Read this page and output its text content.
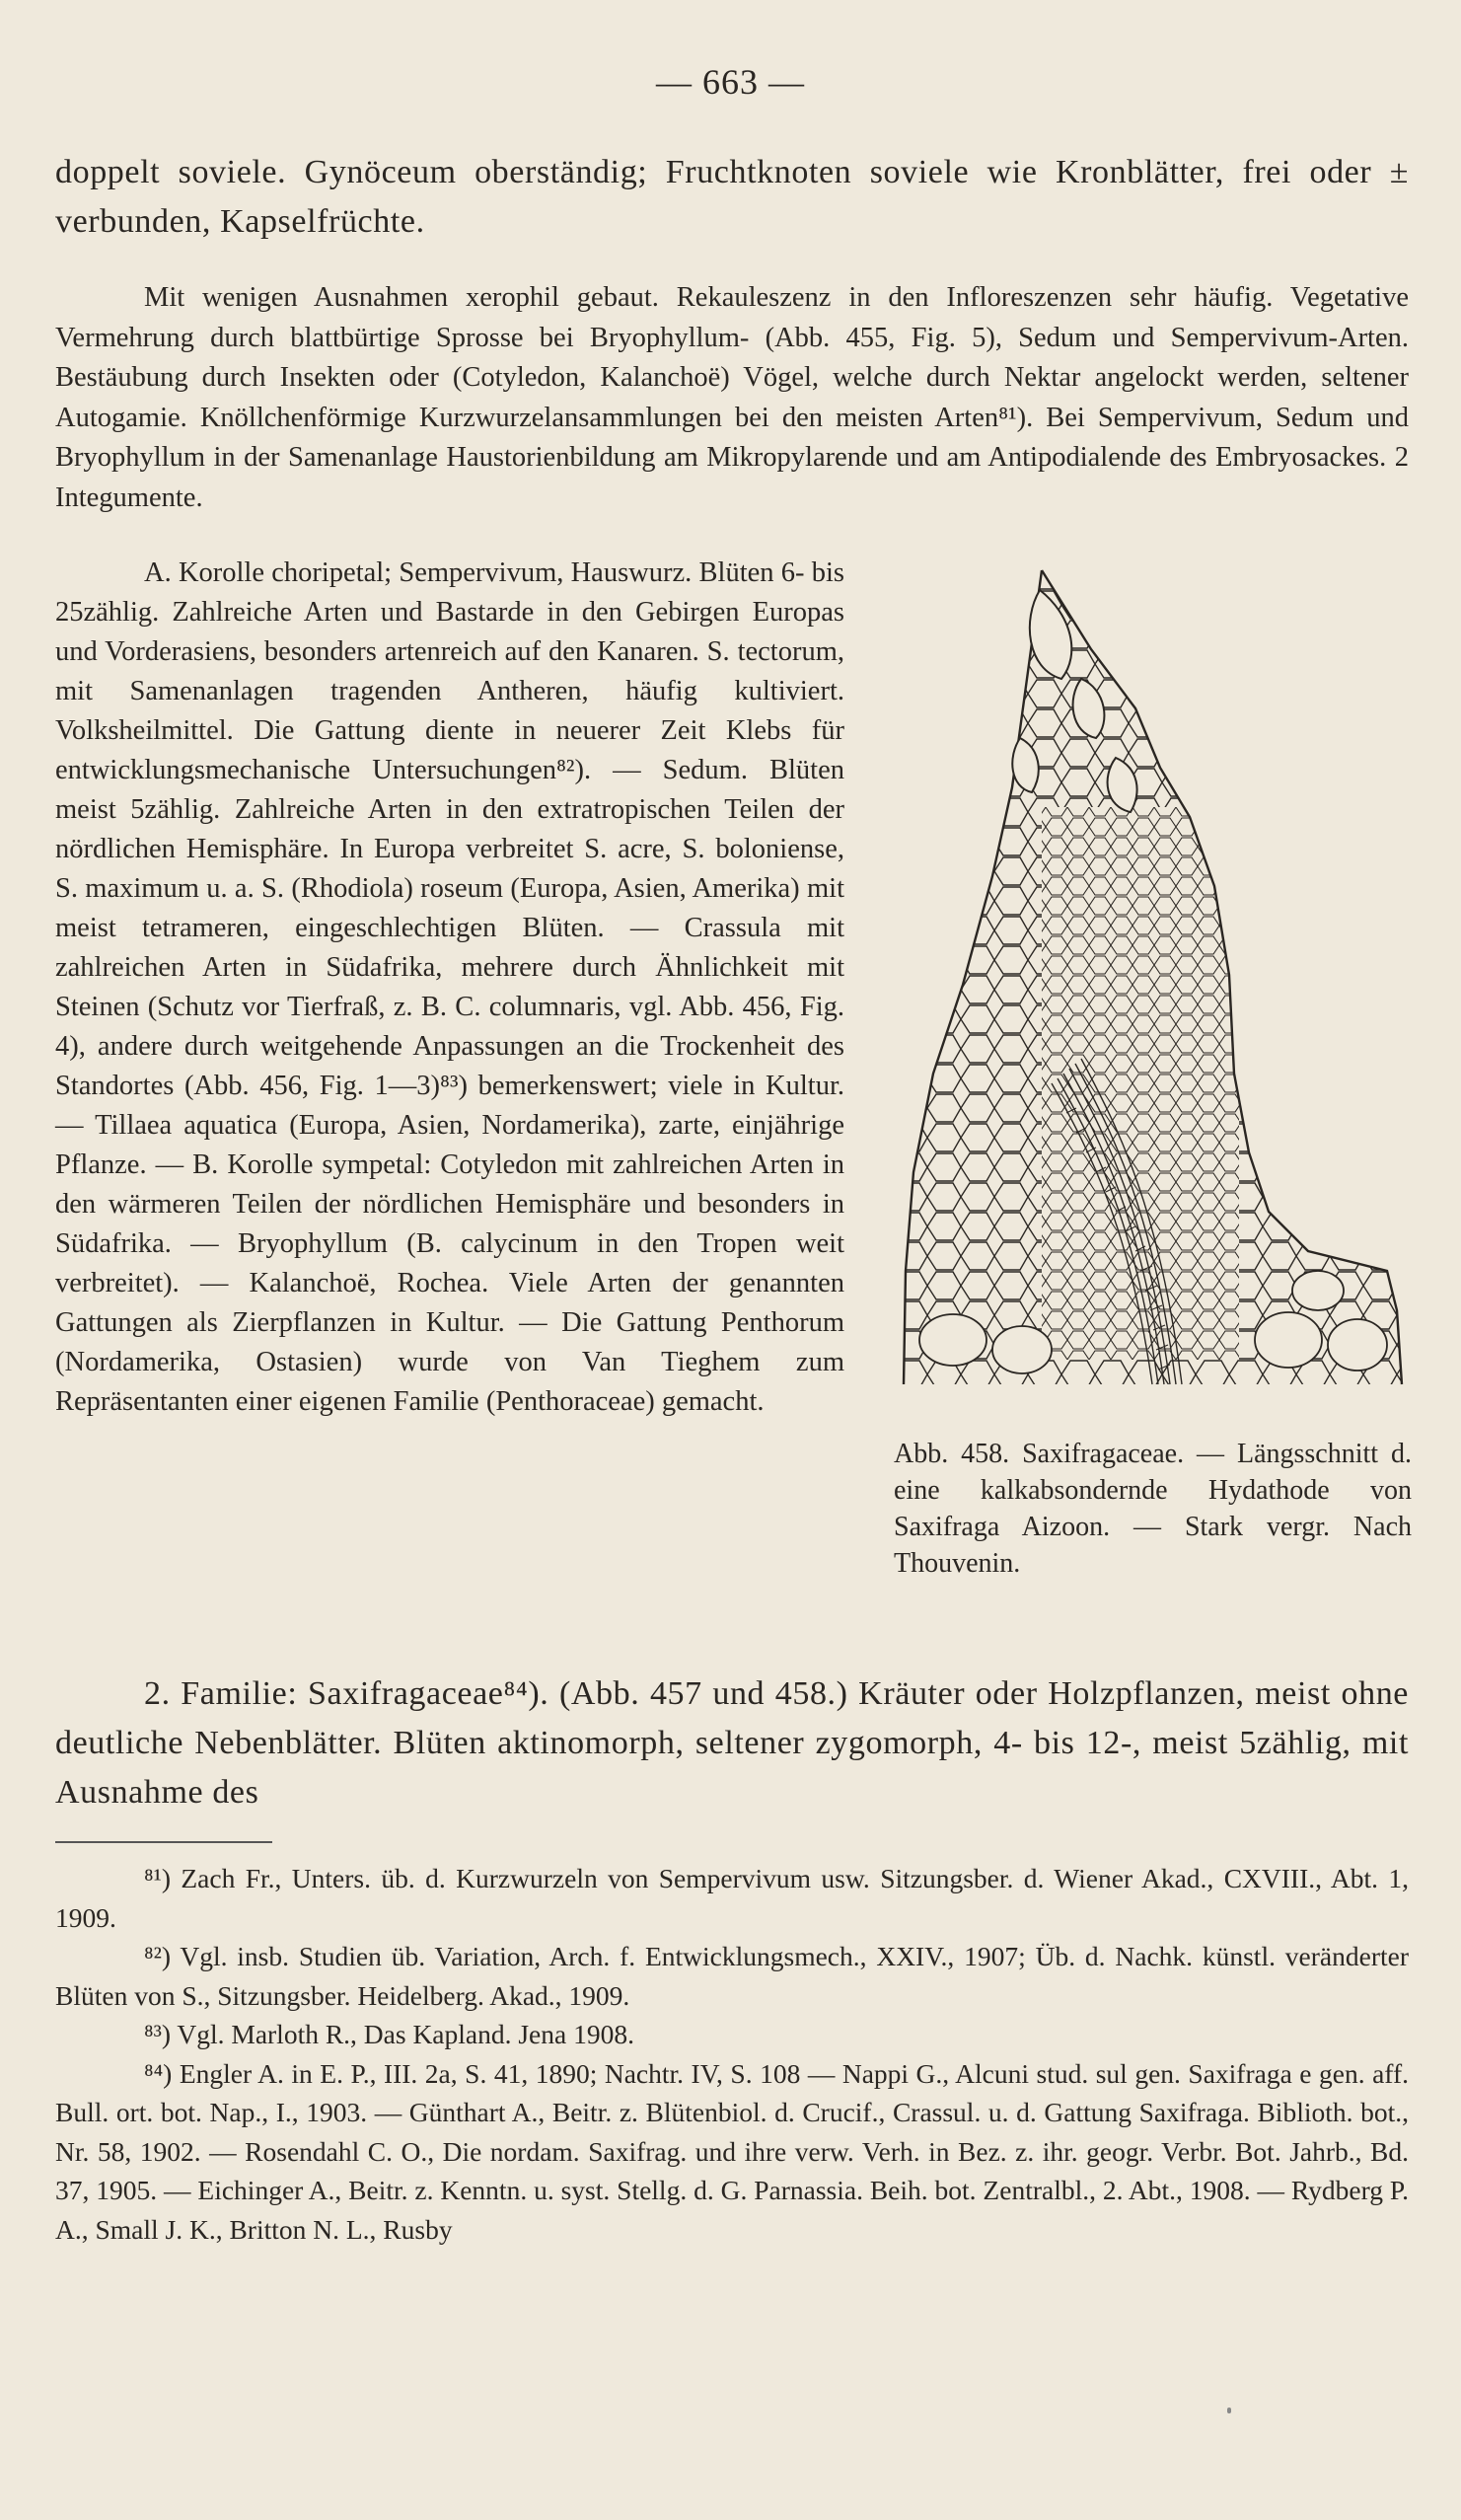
— 663 —
doppelt soviele. Gynöceum oberständig; Fruchtknoten soviele wie Kronblätter, frei oder ± verbunden, Kapselfrüchte.
Mit wenigen Ausnahmen xerophil gebaut. Rekauleszenz in den Infloreszenzen sehr häufig. Vegetative Vermehrung durch blattbürtige Sprosse bei Bryophyllum- (Abb. 455, Fig. 5), Sedum und Sempervivum-Arten. Bestäubung durch Insekten oder (Cotyledon, Kalanchoë) Vögel, welche durch Nektar angelockt werden, seltener Autogamie. Knöllchenförmige Kurzwurzelansammlungen bei den meisten Arten⁸¹). Bei Sempervivum, Sedum und Bryophyllum in der Samenanlage Haustorienbildung am Mikropylarende und am Antipodialende des Embryosackes. 2 Integumente.
A. Korolle choripetal; Sempervivum, Hauswurz. Blüten 6- bis 25zählig. Zahlreiche Arten und Bastarde in den Gebirgen Europas und Vorderasiens, besonders artenreich auf den Kanaren. S. tectorum, mit Samenanlagen tragenden Antheren, häufig kultiviert. Volksheilmittel. Die Gattung diente in neuerer Zeit Klebs für entwicklungsmechanische Untersuchungen⁸²). — Sedum. Blüten meist 5zählig. Zahlreiche Arten in den extratropischen Teilen der nördlichen Hemisphäre. In Europa verbreitet S. acre, S. boloniense, S. maximum u. a. S. (Rhodiola) roseum (Europa, Asien, Amerika) mit meist tetrameren, eingeschlechtigen Blüten. — Crassula mit zahlreichen Arten in Südafrika, mehrere durch Ähnlichkeit mit Steinen (Schutz vor Tierfraß, z. B. C. columnaris, vgl. Abb. 456, Fig. 4), andere durch weitgehende Anpassungen an die Trockenheit des Standortes (Abb. 456, Fig. 1—3)⁸³) bemerkenswert; viele in Kultur. — Tillaea aquatica (Europa, Asien, Nordamerika), zarte, einjährige Pflanze. — B. Korolle sympetal: Cotyledon mit zahlreichen Arten in den wärmeren Teilen der nördlichen Hemisphäre und besonders in Südafrika. — Bryophyllum (B. calycinum in den Tropen weit verbreitet). — Kalanchoë, Rochea. Viele Arten der genannten Gattungen als Zierpflanzen in Kultur. — Die Gattung Penthorum (Nordamerika, Ostasien) wurde von Van Tieghem zum Repräsentanten einer eigenen Familie (Penthoraceae) gemacht.
Abb. 458. Saxifragaceae. — Längsschnitt d. eine kalkabsondernde Hydathode von Saxifraga Aizoon. — Stark vergr. Nach Thouvenin.
2. Familie: Saxifragaceae⁸⁴). (Abb. 457 und 458.) Kräuter oder Holzpflanzen, meist ohne deutliche Nebenblätter. Blüten aktinomorph, seltener zygomorph, 4- bis 12-, meist 5zählig, mit Ausnahme des

⁸¹) Zach Fr., Unters. üb. d. Kurzwurzeln von Sempervivum usw. Sitzungsber. d. Wiener Akad., CXVIII., Abt. 1, 1909.

⁸²) Vgl. insb. Studien üb. Variation, Arch. f. Entwicklungsmech., XXIV., 1907; Üb. d. Nachk. künstl. veränderter Blüten von S., Sitzungsber. Heidelberg. Akad., 1909.

⁸³) Vgl. Marloth R., Das Kapland. Jena 1908.

⁸⁴) Engler A. in E. P., III. 2a, S. 41, 1890; Nachtr. IV, S. 108 — Nappi G., Alcuni stud. sul gen. Saxifraga e gen. aff. Bull. ort. bot. Nap., I., 1903. — Günthart A., Beitr. z. Blütenbiol. d. Crucif., Crassul. u. d. Gattung Saxifraga. Biblioth. bot., Nr. 58, 1902. — Rosendahl C. O., Die nordam. Saxifrag. und ihre verw. Verh. in Bez. z. ihr. geogr. Verbr. Bot. Jahrb., Bd. 37, 1905. — Eichinger A., Beitr. z. Kenntn. u. syst. Stellg. d. G. Parnassia. Beih. bot. Zentralbl., 2. Abt., 1908. — Rydberg P. A., Small J. K., Britton N. L., Rusby
